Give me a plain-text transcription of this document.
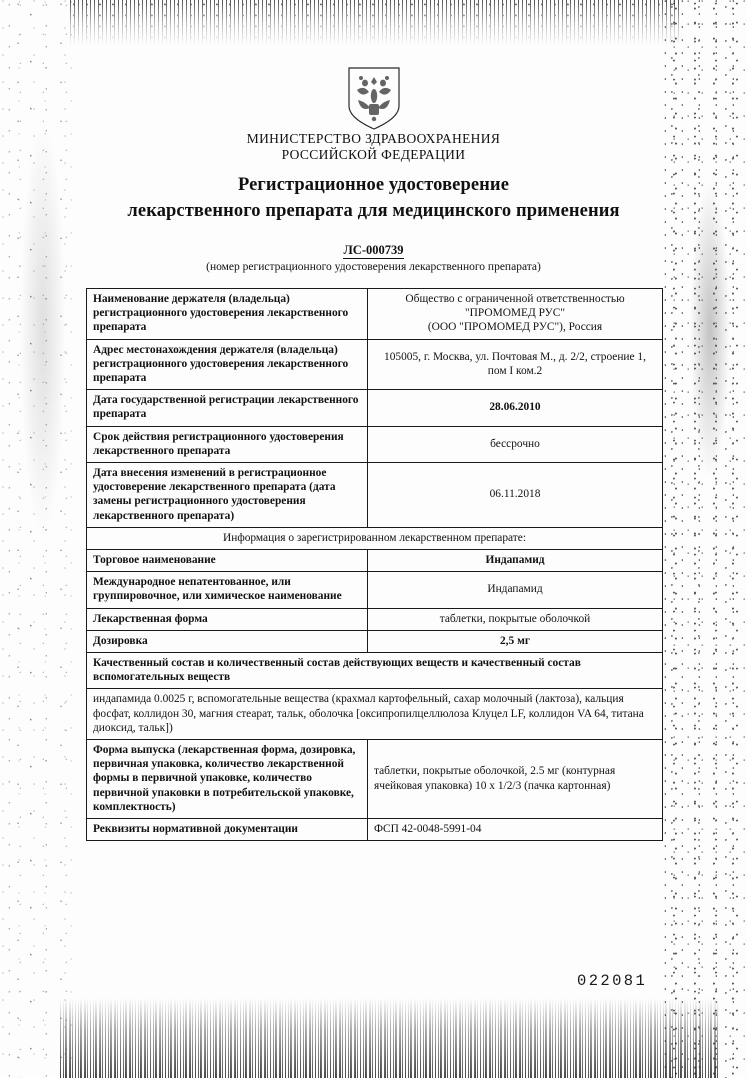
МИНИСТЕРСТВО ЗДРАВООХРАНЕНИЯ
РОССИЙСКОЙ ФЕДЕРАЦИИ
Регистрационное удостоверение
лекарственного препарата для медицинского применения
ЛС-000739
(номер регистрационного удостоверения лекарственного препарата)
Наименование держателя (владельца) регистрационного удостоверения лекарственного препарата	Общество с ограниченной ответственностью
"ПРОМОМЕД РУС"
(ООО "ПРОМОМЕД РУС"), Россия

Адрес местонахождения держателя (владельца) регистрационного удостоверения лекарственного препарата	105005, г. Москва, ул. Почтовая М., д. 2/2, строение 1, пом I ком.2
Дата государственной регистрации лекарственного препарата	28.06.2010
Срок действия регистрационного удостоверения лекарственного препарата	бессрочно
Дата внесения изменений в регистрационное удостоверение лекарственного препарата (дата замены регистрационного удостоверения лекарственного препарата)	06.11.2018
Информация о зарегистрированном лекарственном препарате:	
Торговое наименование	Индапамид
Международное непатентованное, или группировочное, или химическое наименование	Индапамид
Лекарственная форма	таблетки, покрытые оболочкой
Дозировка	2,5 мг
Качественный состав и количественный состав действующих веществ и качественный состав вспомогательных веществ	
индапамида 0.0025 г, вспомогательные вещества (крахмал картофельный, сахар молочный (лактоза), кальция фосфат, коллидон 30, магния стеарат, тальк, оболочка [оксипропилцеллюлоза Клуцел LF, коллидон VA 64, титана диоксид, тальк])	
Форма выпуска (лекарственная форма, дозировка, первичная упаковка, количество лекарственной формы в первичной упаковке, количество первичной упаковки в потребительской упаковке, комплектность)	таблетки, покрытые оболочкой, 2.5 мг (контурная ячейковая упаковка) 10 x 1/2/3 (пачка картонная)
Реквизиты нормативной документации	ФСП 42-0048-5991-04
022081
